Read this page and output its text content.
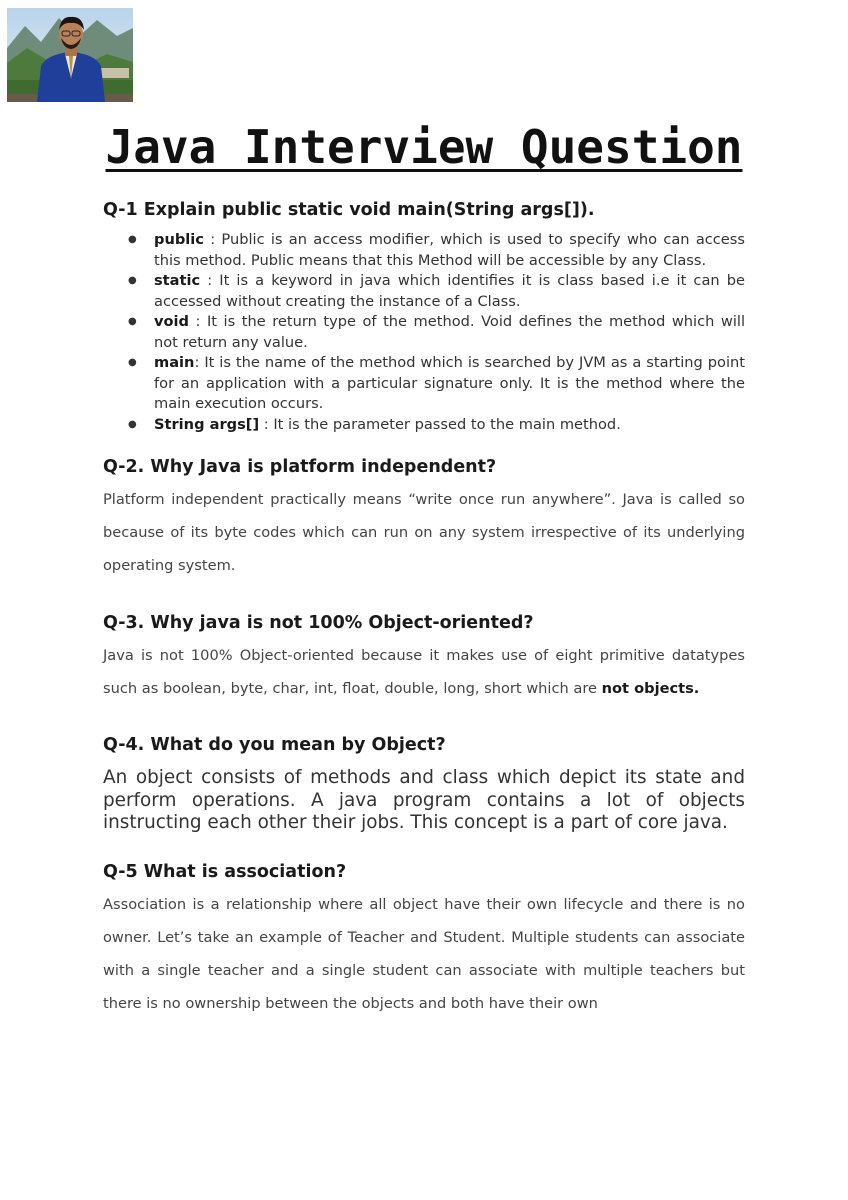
Java Interview Question

Q-1 Explain public static void main(String args[]).

● public : Public is an access modifier, which is used to specify who can access this method. Public means that this Method will be accessible by any Class.
● static : It is a keyword in java which identifies it is class based i.e it can be accessed without creating the instance of a Class.
● void : It is the return type of the method. Void defines the method which will not return any value.
● main: It is the name of the method which is searched by JVM as a starting point for an application with a particular signature only. It is the method where the main execution occurs.
● String args[] : It is the parameter passed to the main method.

Q-2. Why Java is platform independent?

Platform independent practically means “write once run anywhere”. Java is called so because of its byte codes which can run on any system irrespective of its underlying operating system.

Q-3. Why java is not 100% Object-oriented?

Java is not 100% Object-oriented because it makes use of eight primitive datatypes such as boolean, byte, char, int, float, double, long, short which are not objects.

Q-4. What do you mean by Object?

An object consists of methods and class which depict its state and perform operations. A java program contains a lot of objects instructing each other their jobs. This concept is a part of core java.

Q-5 What is association?

Association is a relationship where all object have their own lifecycle and there is no owner. Let’s take an example of Teacher and Student. Multiple students can associate with a single teacher and a single student can associate with multiple teachers but there is no ownership between the objects and both have their own
